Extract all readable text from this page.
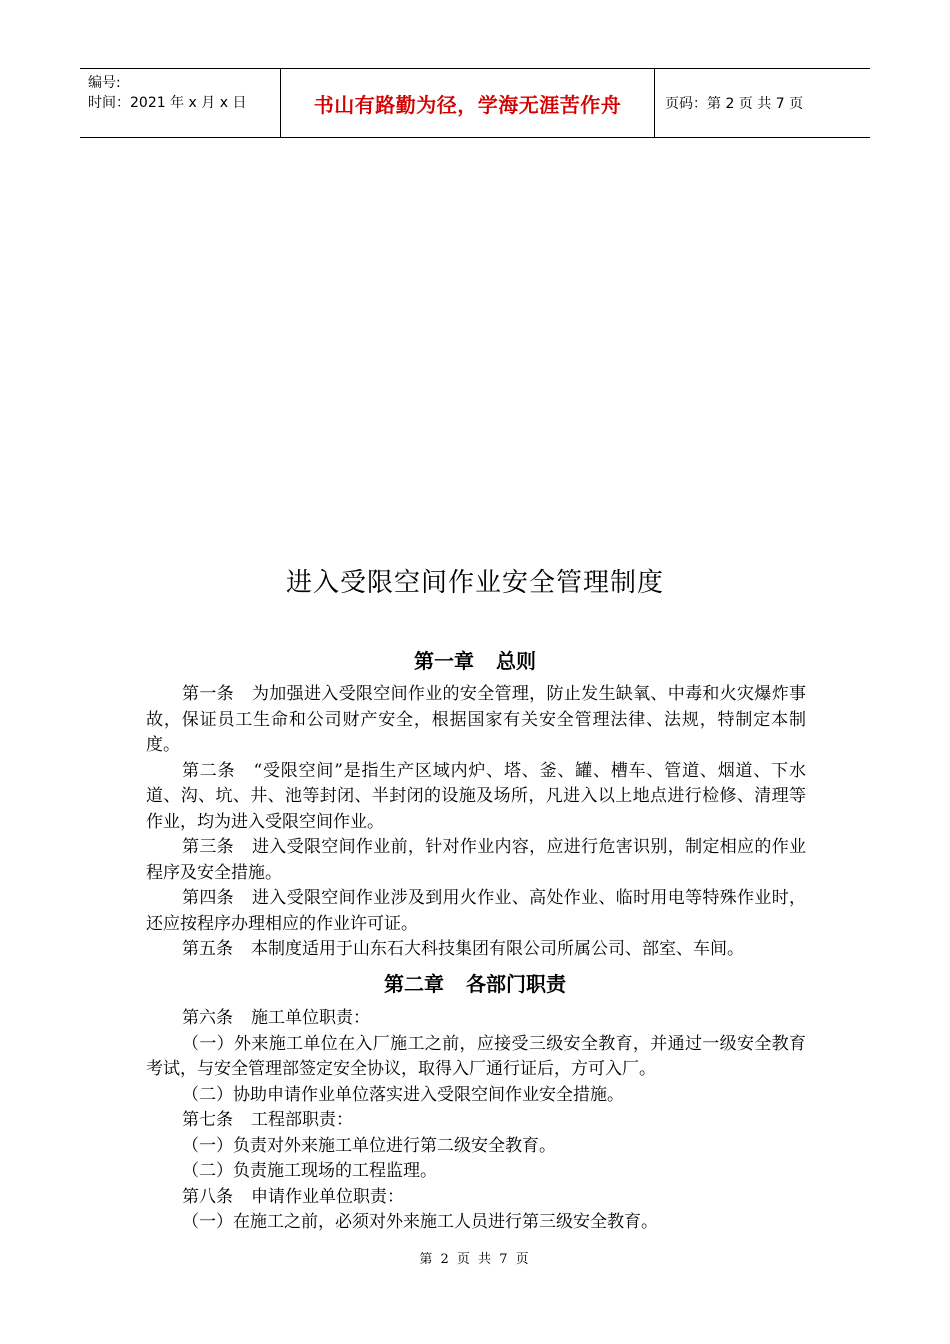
编号:
时间：2021 年 x 月 x 日	书山有路勤为径，学海无涯苦作舟	页码：第 2 页 共 7 页
进入受限空间作业安全管理制度
第一章 总则

第一条 为加强进入受限空间作业的安全管理，防止发生缺氧、中毒和火灾爆炸事故，保证员工生命和公司财产安全，根据国家有关安全管理法律、法规，特制定本制度。

第二条 “受限空间”是指生产区域内炉、塔、釜、罐、槽车、管道、烟道、下水道、沟、坑、井、池等封闭、半封闭的设施及场所，凡进入以上地点进行检修、清理等作业，均为进入受限空间作业。

第三条 进入受限空间作业前，针对作业内容，应进行危害识别，制定相应的作业程序及安全措施。

第四条 进入受限空间作业涉及到用火作业、高处作业、临时用电等特殊作业时，还应按程序办理相应的作业许可证。

第五条 本制度适用于山东石大科技集团有限公司所属公司、部室、车间。

第二章 各部门职责

第六条 施工单位职责：

（一）外来施工单位在入厂施工之前，应接受三级安全教育，并通过一级安全教育考试，与安全管理部签定安全协议，取得入厂通行证后，方可入厂。

（二）协助申请作业单位落实进入受限空间作业安全措施。

第七条 工程部职责：

（一）负责对外来施工单位进行第二级安全教育。

（二）负责施工现场的工程监理。

第八条 申请作业单位职责：

（一）在施工之前，必须对外来施工人员进行第三级安全教育。

第 2 页 共 7 页
